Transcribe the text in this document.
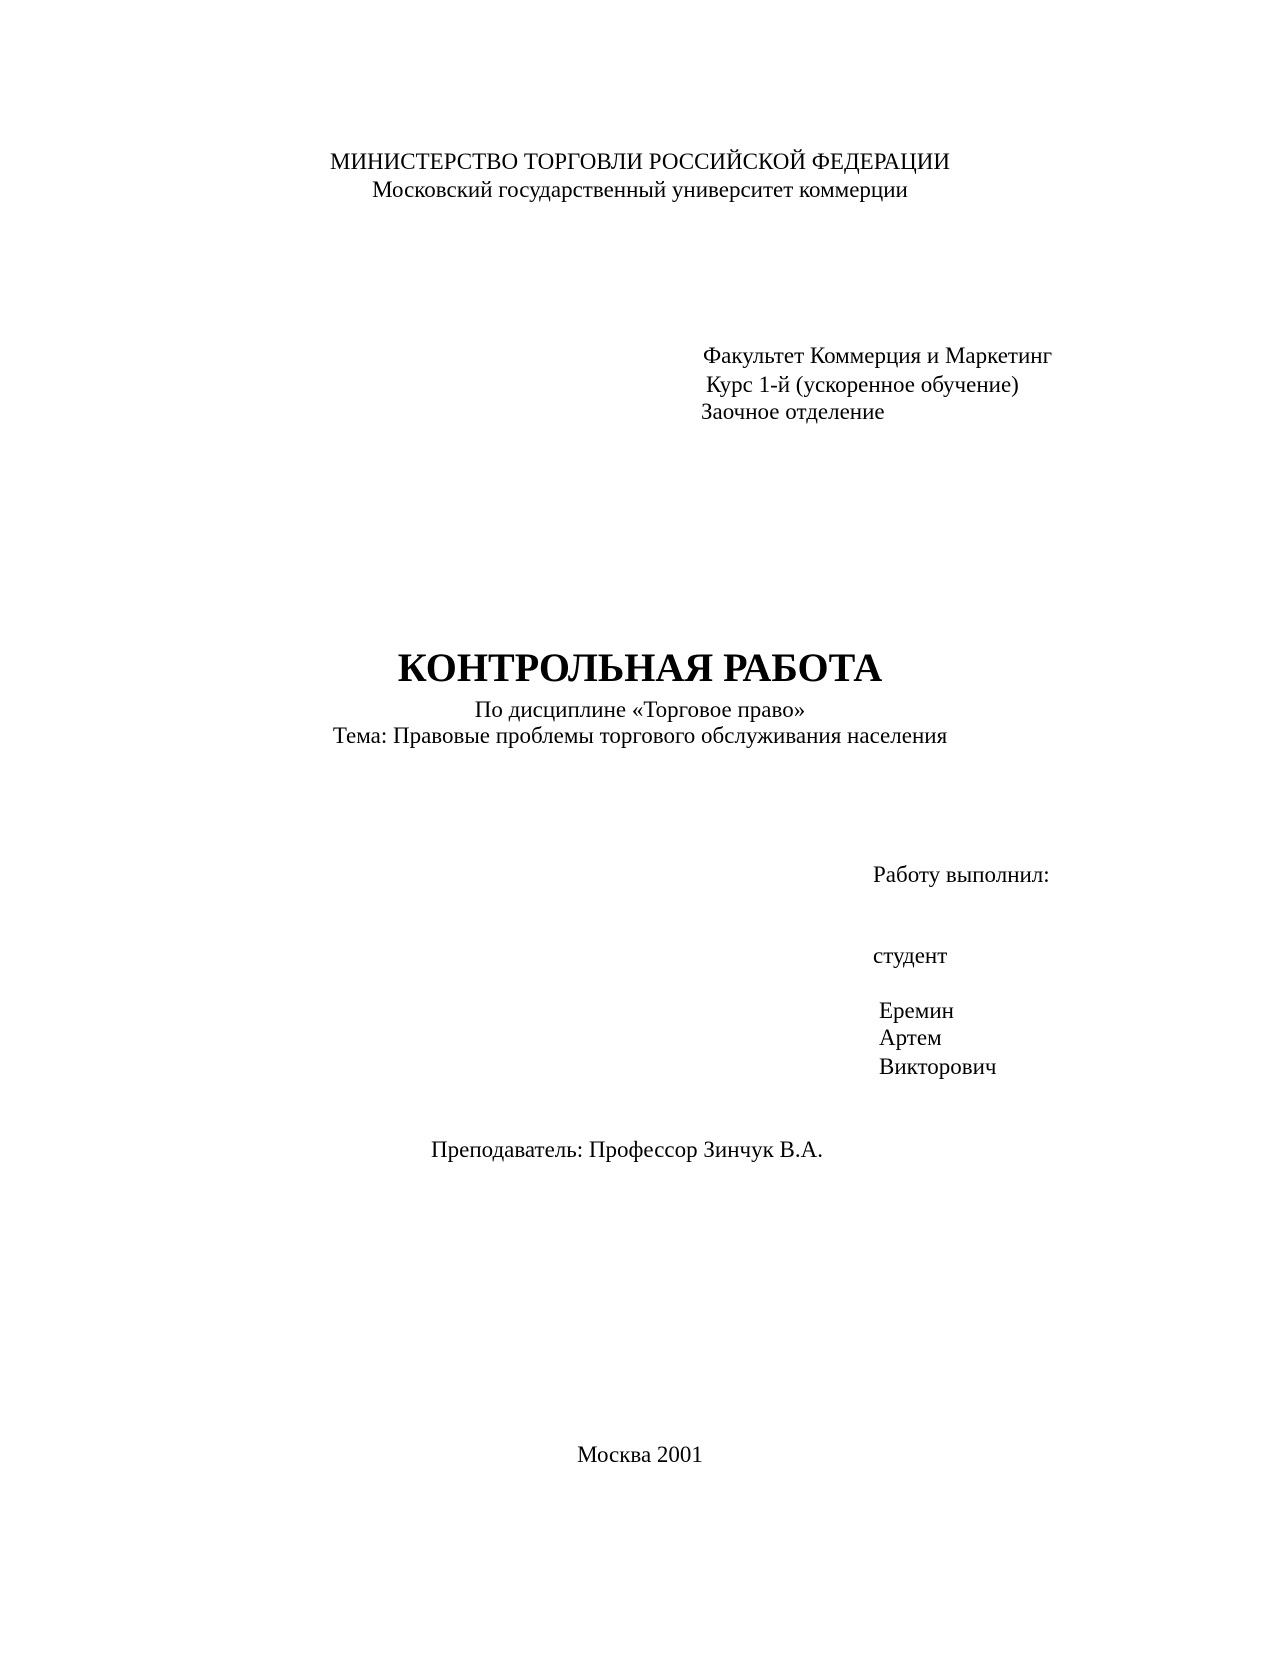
МИНИСТЕРСТВО ТОРГОВЛИ РОССИЙСКОЙ ФЕДЕРАЦИИ
Московский государственный университет коммерции
Факультет Коммерция и Маркетинг
Курс 1-й (ускоренное обучение)
Заочное отделение
КОНТРОЛЬНАЯ РАБОТА
По дисциплине «Торговое право»
Тема: Правовые проблемы торгового обслуживания населения
Работу выполнил:
студент
Еремин
Артем
Викторович
Преподаватель: Профессор Зинчук В.А.
Москва 2001
